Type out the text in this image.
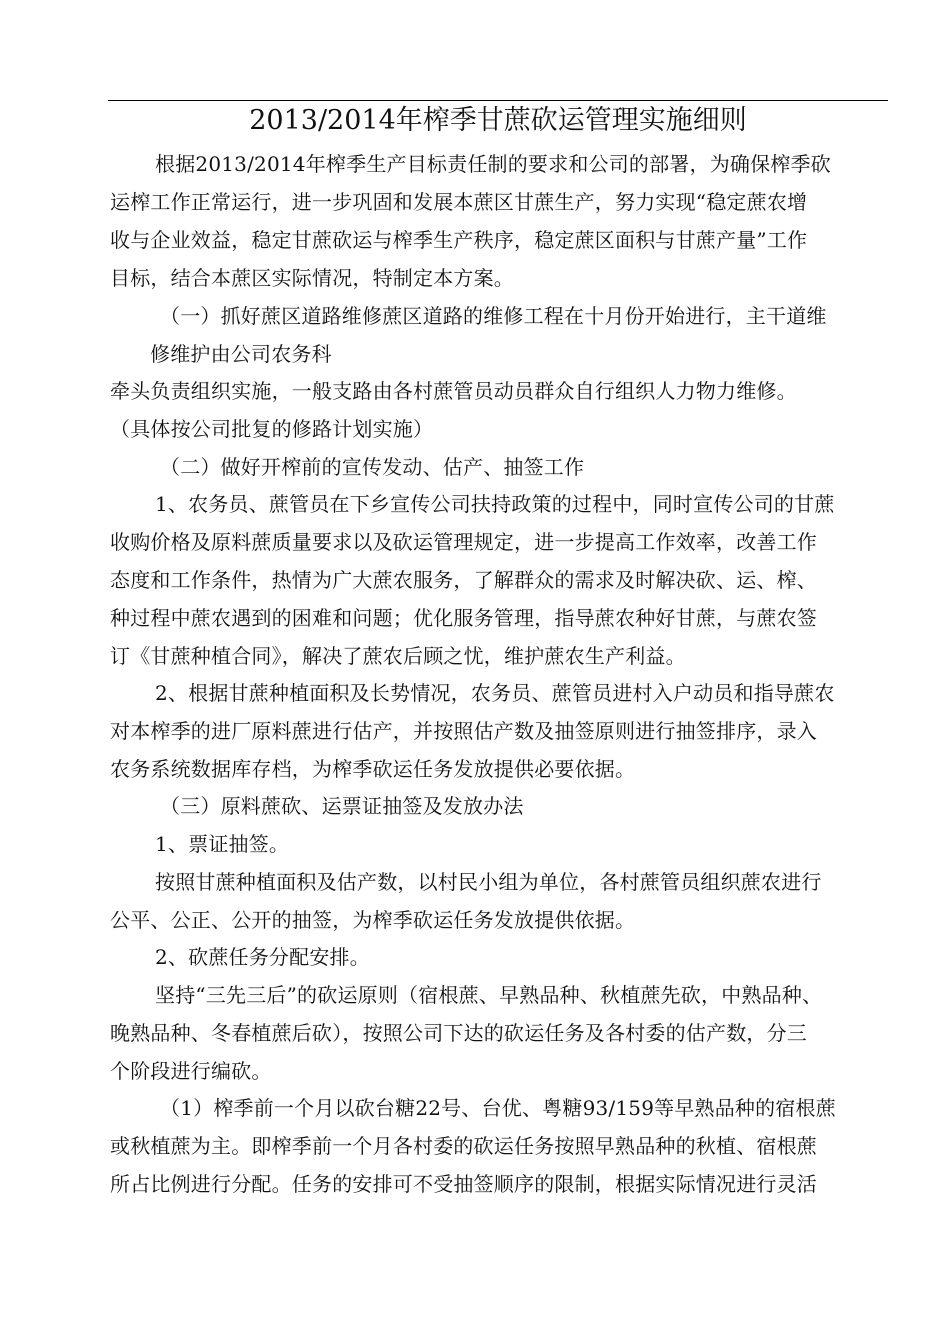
2013/2014年榨季甘蔗砍运管理实施细则
根据2013/2014年榨季生产目标责任制的要求和公司的部署，为确保榨季砍
运榨工作正常运行，进一步巩固和发展本蔗区甘蔗生产，努力实现“稳定蔗农增
收与企业效益，稳定甘蔗砍运与榨季生产秩序，稳定蔗区面积与甘蔗产量”工作
目标，结合本蔗区实际情况，特制定本方案。
（一）抓好蔗区道路维修蔗区道路的维修工程在十月份开始进行，主干道维
修维护由公司农务科
牵头负责组织实施，一般支路由各村蔗管员动员群众自行组织人力物力维修。
（具体按公司批复的修路计划实施）
（二）做好开榨前的宣传发动、估产、抽签工作
1、农务员、蔗管员在下乡宣传公司扶持政策的过程中，同时宣传公司的甘蔗
收购价格及原料蔗质量要求以及砍运管理规定，进一步提高工作效率，改善工作
态度和工作条件，热情为广大蔗农服务，了解群众的需求及时解决砍、运、榨、
种过程中蔗农遇到的困难和问题；优化服务管理，指导蔗农种好甘蔗，与蔗农签
订《甘蔗种植合同》，解决了蔗农后顾之忧，维护蔗农生产利益。
2、根据甘蔗种植面积及长势情况，农务员、蔗管员进村入户动员和指导蔗农
对本榨季的进厂原料蔗进行估产，并按照估产数及抽签原则进行抽签排序，录入
农务系统数据库存档，为榨季砍运任务发放提供必要依据。
（三）原料蔗砍、运票证抽签及发放办法
1、票证抽签。
按照甘蔗种植面积及估产数，以村民小组为单位，各村蔗管员组织蔗农进行
公平、公正、公开的抽签，为榨季砍运任务发放提供依据。
2、砍蔗任务分配安排。
坚持“三先三后”的砍运原则（宿根蔗、早熟品种、秋植蔗先砍，中熟品种、
晚熟品种、冬春植蔗后砍），按照公司下达的砍运任务及各村委的估产数，分三
个阶段进行编砍。
（1）榨季前一个月以砍台糖22号、台优、粤糖93/159等早熟品种的宿根蔗
或秋植蔗为主。即榨季前一个月各村委的砍运任务按照早熟品种的秋植、宿根蔗
所占比例进行分配。任务的安排可不受抽签顺序的限制，根据实际情况进行灵活
